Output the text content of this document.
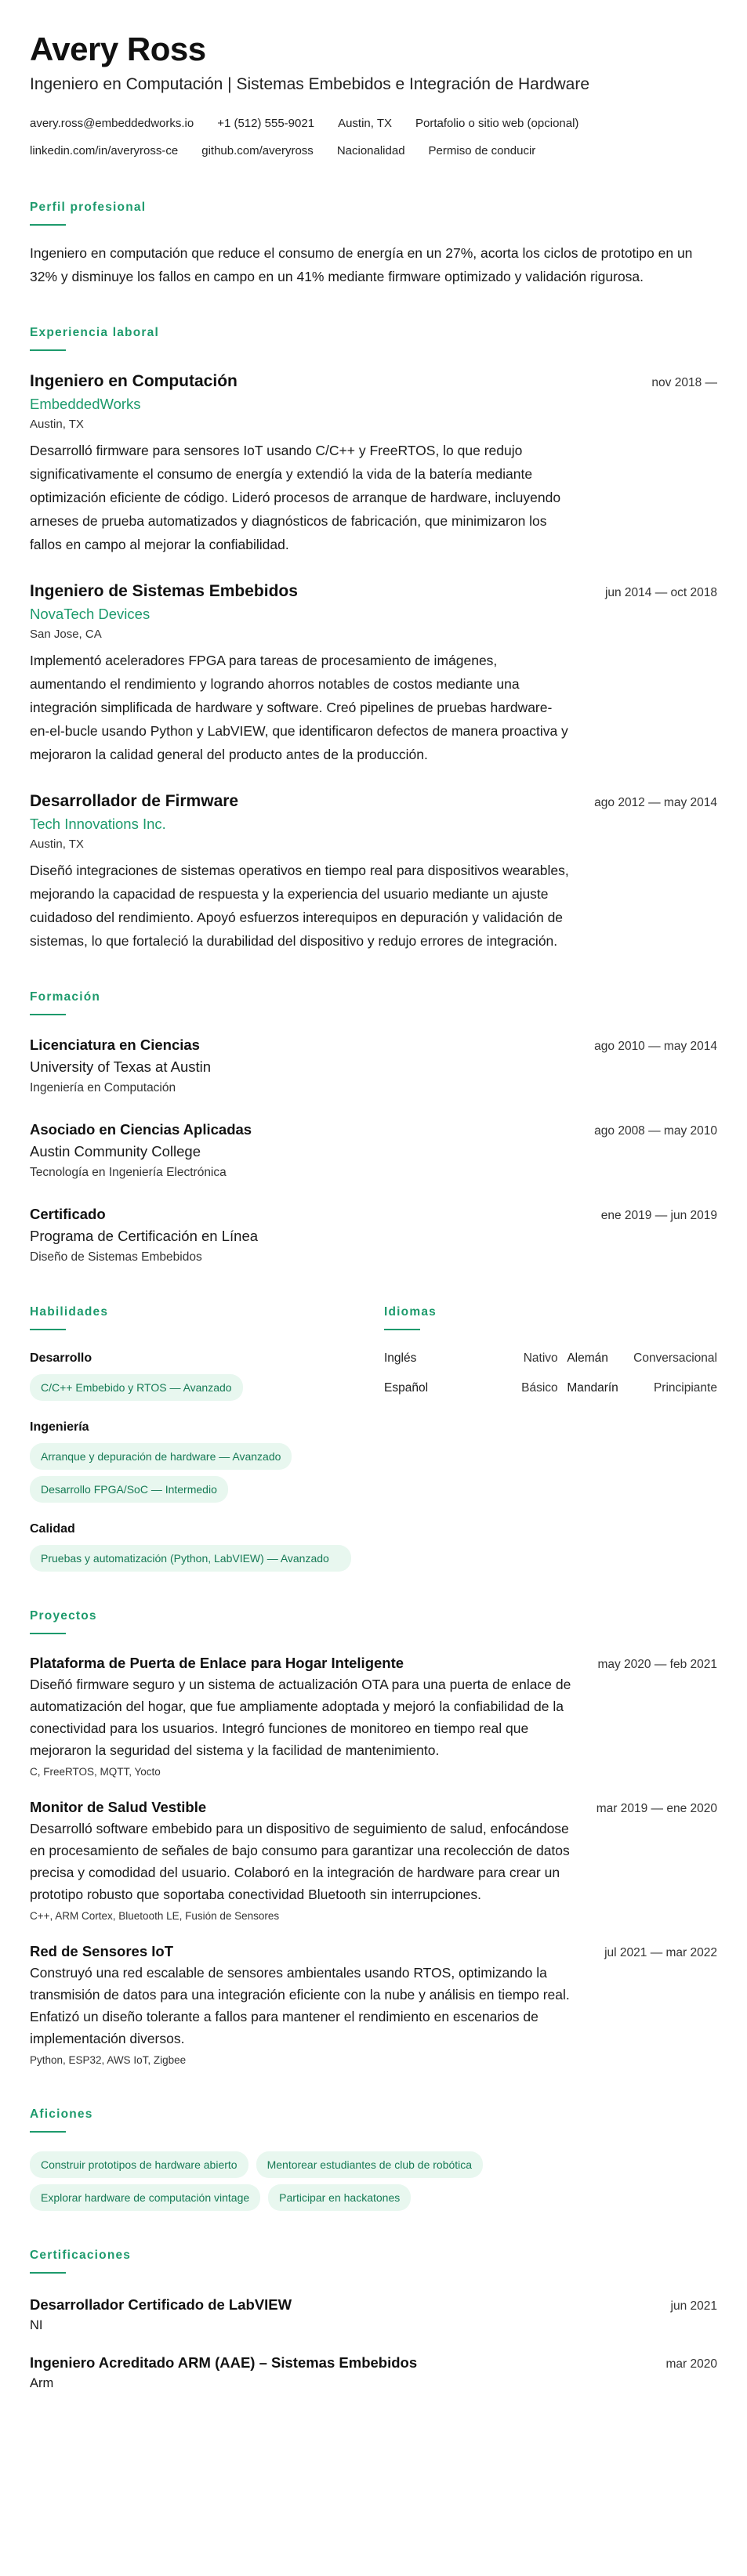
Avery Ross
Ingeniero en Computación | Sistemas Embebidos e Integración de Hardware
avery.ross@embeddedworks.io +1 (512) 555-9021 Austin, TX Portafolio o sitio web (opcional)
linkedin.com/in/averyross-ce github.com/averyross Nacionalidad Permiso de conducir
Perfil profesional
Ingeniero en computación que reduce el consumo de energía en un 27%, acorta los ciclos de prototipo en un 32% y disminuye los fallos en campo en un 41% mediante firmware optimizado y validación rigurosa.
Experiencia laboral
Ingeniero en Computación	nov 2018 —
EmbeddedWorks
Austin, TX
Desarrolló firmware para sensores IoT usando C/C++ y FreeRTOS, lo que redujo significativamente el consumo de energía y extendió la vida de la batería mediante optimización eficiente de código. Lideró procesos de arranque de hardware, incluyendo arneses de prueba automatizados y diagnósticos de fabricación, que minimizaron los fallos en campo al mejorar la confiabilidad.
Ingeniero de Sistemas Embebidos	jun 2014 — oct 2018
NovaTech Devices
San Jose, CA
Implementó aceleradores FPGA para tareas de procesamiento de imágenes, aumentando el rendimiento y logrando ahorros notables de costos mediante una integración simplificada de hardware y software. Creó pipelines de pruebas hardware-en-el-bucle usando Python y LabVIEW, que identificaron defectos de manera proactiva y mejoraron la calidad general del producto antes de la producción.
Desarrollador de Firmware	ago 2012 — may 2014
Tech Innovations Inc.
Austin, TX
Diseñó integraciones de sistemas operativos en tiempo real para dispositivos wearables, mejorando la capacidad de respuesta y la experiencia del usuario mediante un ajuste cuidadoso del rendimiento. Apoyó esfuerzos interequipos en depuración y validación de sistemas, lo que fortaleció la durabilidad del dispositivo y redujo errores de integración.
Formación
Licenciatura en Ciencias	ago 2010 — may 2014
University of Texas at Austin
Ingeniería en Computación
Asociado en Ciencias Aplicadas	ago 2008 — may 2010
Austin Community College
Tecnología en Ingeniería Electrónica
Certificado	ene 2019 — jun 2019
Programa de Certificación en Línea
Diseño de Sistemas Embebidos
Habilidades
Desarrollo
C/C++ Embebido y RTOS — Avanzado
Ingeniería
Arranque y depuración de hardware — Avanzado
Desarrollo FPGA/SoC — Intermedio
Calidad
Pruebas y automatización (Python, LabVIEW) — Avanzado
Idiomas
Inglés	Nativo Alemán	Conversacional
Español	Básico Mandarín	Principiante
Proyectos
Plataforma de Puerta de Enlace para Hogar Inteligente	may 2020 — feb 2021
Diseñó firmware seguro y un sistema de actualización OTA para una puerta de enlace de automatización del hogar, que fue ampliamente adoptada y mejoró la confiabilidad de la conectividad para los usuarios. Integró funciones de monitoreo en tiempo real que mejoraron la seguridad del sistema y la facilidad de mantenimiento.
C, FreeRTOS, MQTT, Yocto
Monitor de Salud Vestible	mar 2019 — ene 2020
Desarrolló software embebido para un dispositivo de seguimiento de salud, enfocándose en procesamiento de señales de bajo consumo para garantizar una recolección de datos precisa y comodidad del usuario. Colaboró en la integración de hardware para crear un prototipo robusto que soportaba conectividad Bluetooth sin interrupciones.
C++, ARM Cortex, Bluetooth LE, Fusión de Sensores
Red de Sensores IoT	jul 2021 — mar 2022
Construyó una red escalable de sensores ambientales usando RTOS, optimizando la transmisión de datos para una integración eficiente con la nube y análisis en tiempo real. Enfatizó un diseño tolerante a fallos para mantener el rendimiento en escenarios de implementación diversos.
Python, ESP32, AWS IoT, Zigbee
Aficiones
Construir prototipos de hardware abierto	Mentorear estudiantes de club de robótica
Explorar hardware de computación vintage	Participar en hackatones
Certificaciones
Desarrollador Certificado de LabVIEW	jun 2021
NI
Ingeniero Acreditado ARM (AAE) – Sistemas Embebidos	mar 2020
Arm
